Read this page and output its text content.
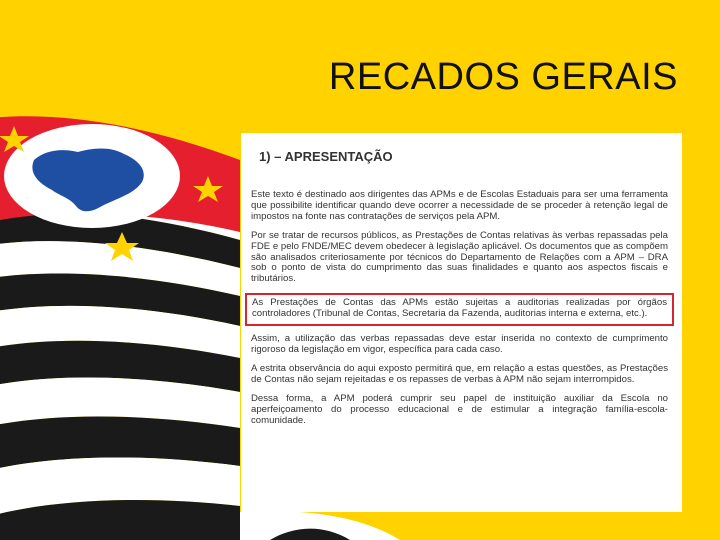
RECADOS GERAIS
1) – APRESENTAÇÃO

Este texto é destinado aos dirigentes das APMs e de Escolas Estaduais para ser uma ferramenta que possibilite identificar quando deve ocorrer a necessidade de se proceder à retenção legal de impostos na fonte nas contratações de serviços pela APM.

Por se tratar de recursos públicos, as Prestações de Contas relativas às verbas repassadas pela FDE e pelo FNDE/MEC devem obedecer à legislação aplicável. Os documentos que as compõem são analisados criteriosamente por técnicos do Departamento de Relações com a APM – DRA sob o ponto de vista do cumprimento das suas finalidades e quanto aos aspectos fiscais e tributários.

As Prestações de Contas das APMs estão sujeitas a auditorias realizadas por órgãos controladores (Tribunal de Contas, Secretaria da Fazenda, auditorias interna e externa, etc.).

Assim, a utilização das verbas repassadas deve estar inserida no contexto de cumprimento rigoroso da legislação em vigor, específica para cada caso.

A estrita observância do aqui exposto permitirá que, em relação a estas questões, as Prestações de Contas não sejam rejeitadas e os repasses de verbas à APM não sejam interrompidos.

Dessa forma, a APM poderá cumprir seu papel de instituição auxiliar da Escola no aperfeiçoamento do processo educacional e de estimular a integração família-escola-comunidade.
